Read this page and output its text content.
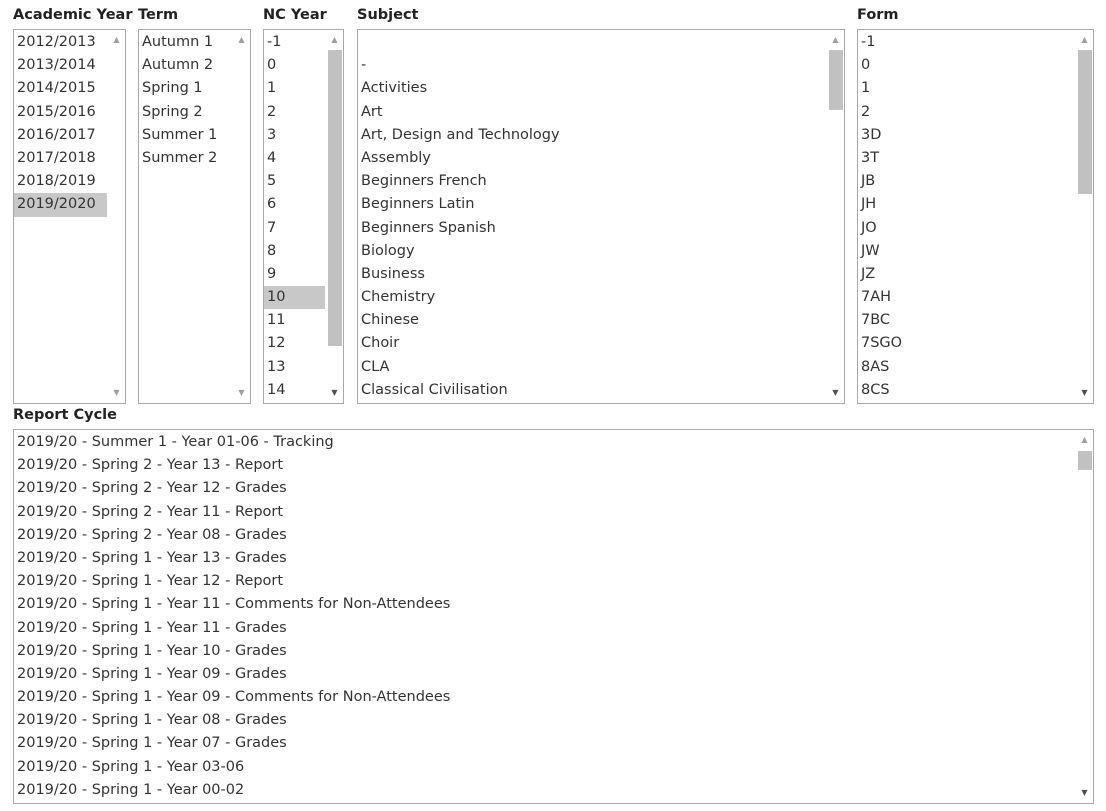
Academic Year Term	NC Year Subject	Form
Report Cycle
2012/2013
2013/2014
2014/2015
2015/2016
2016/2017
2017/2018
2018/2019
2019/2020
▲
▼
Autumn 1
Autumn 2
Spring 1
Spring 2
Summer 1
Summer 2
▲
▼
-1
0
1
2
3
4
5
6
7
8
9
10
11
12
13
14
▲
▼
-
Activities
Art
Art, Design and Technology
Assembly
Beginners French
Beginners Latin
Beginners Spanish
Biology
Business
Chemistry
Chinese
Choir
CLA
Classical Civilisation
▲
▼
-1
0
1
2
3D
3T
JB
JH
JO
JW
JZ
7AH
7BC
7SGO
8AS
8CS
▲
▼
2019/20 - Summer 1 - Year 01-06 - Tracking
2019/20 - Spring 2 - Year 13 - Report
2019/20 - Spring 2 - Year 12 - Grades
2019/20 - Spring 2 - Year 11 - Report
2019/20 - Spring 2 - Year 08 - Grades
2019/20 - Spring 1 - Year 13 - Grades
2019/20 - Spring 1 - Year 12 - Report
2019/20 - Spring 1 - Year 11 - Comments for Non-Attendees
2019/20 - Spring 1 - Year 11 - Grades
2019/20 - Spring 1 - Year 10 - Grades
2019/20 - Spring 1 - Year 09 - Grades
2019/20 - Spring 1 - Year 09 - Comments for Non-Attendees
2019/20 - Spring 1 - Year 08 - Grades
2019/20 - Spring 1 - Year 07 - Grades
2019/20 - Spring 1 - Year 03-06
2019/20 - Spring 1 - Year 00-02
▲
▼
